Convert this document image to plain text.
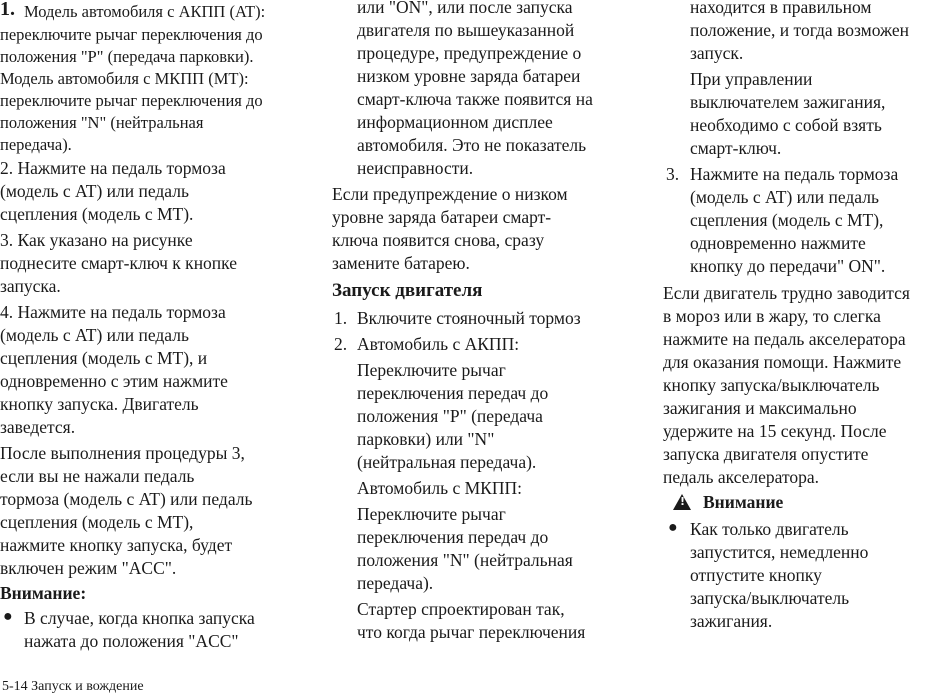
1. Модель автомобиля с АКПП (AT):
переключите рычаг переключения до
положения "P" (передача парковки).
Модель автомобиля с МКПП (MT):
переключите рычаг переключения до
положения "N" (нейтральная
передача).
2. Нажмите на педаль тормоза
(модель с AT) или педаль
сцепления (модель с MT).
3. Как указано на рисунке
поднесите смарт-ключ к кнопке
запуска.
4. Нажмите на педаль тормоза
(модель с AT) или педаль
сцепления (модель с MT), и
одновременно с этим нажмите
кнопку запуска. Двигатель
заведется.
После выполнения процедуры 3,
если вы не нажали педаль
тормоза (модель с AT) или педаль
сцепления (модель с MT),
нажмите кнопку запуска, будет
включен режим "ACC".
Внимание:
● В случае, когда кнопка запуска
нажата до положения "ACC"
или "ON", или после запуска
двигателя по вышеуказанной
процедуре, предупреждение о
низком уровне заряда батареи
смарт-ключа также появится на
информационном дисплее
автомобиля. Это не показатель
неисправности.
Если предупреждение о низком
уровне заряда батареи смарт-
ключа появится снова, сразу
замените батарею.
Запуск двигателя
1. Включите стояночный тормоз
2. Автомобиль с АКПП:
Переключите рычаг
переключения передач до
положения "P" (передача
парковки) или "N"
(нейтральная передача).
Автомобиль с МКПП:
Переключите рычаг
переключения передач до
положения "N" (нейтральная
передача).
Стартер спроектирован так,
что когда рычаг переключения
находится в правильном
положение, и тогда возможен
запуск.
При управлении
выключателем зажигания,
необходимо с собой взять
смарт-ключ.
3. Нажмите на педаль тормоза
(модель с AT) или педаль
сцепления (модель с MT),
одновременно нажмите
кнопку до передачи" ON".
Если двигатель трудно заводится
в мороз или в жару, то слегка
нажмите на педаль акселератора
для оказания помощи. Нажмите
кнопку запуска/выключатель
зажигания и максимально
удержите на 15 секунд. После
запуска двигателя опустите
педаль акселератора.
!
Внимание
● Как только двигатель
запустится, немедленно
отпустите кнопку
запуска/выключатель
зажигания.
5-14 Запуск и вождение
